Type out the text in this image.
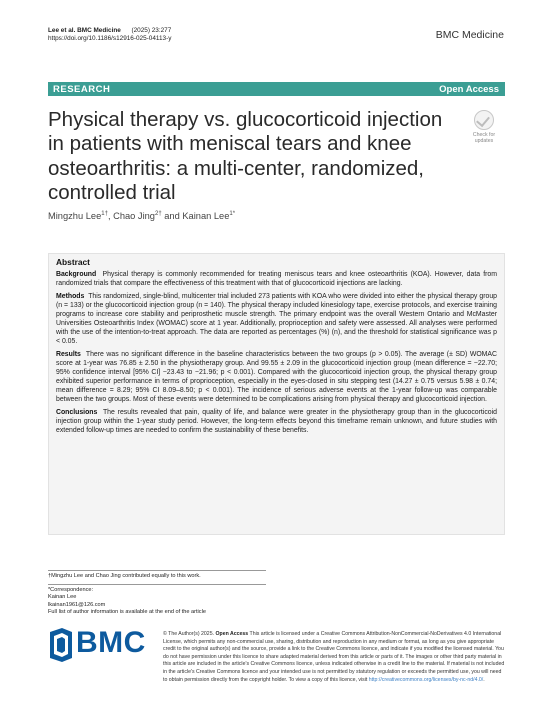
Lee et al. BMC Medicine (2025) 23:277
https://doi.org/10.1186/s12916-025-04113-y	BMC Medicine
RESEARCH	Open Access
Physical therapy vs. glucocorticoid injection in patients with meniscal tears and knee osteoarthritis: a multi-center, randomized, controlled trial
Check for
updates
Mingzhu Lee$^{1\dagger}$, Chao Jing$^{2\dagger}$ and Kainan Lee$^{1*}$
Abstract

Background Physical therapy is commonly recommended for treating meniscus tears and knee osteoarthritis (KOA). However, data from randomized trials that compare the effectiveness of this treatment with that of glucocorticoid injections are lacking.

Methods This randomized, single-blind, multicenter trial included 273 patients with KOA who were divided into either the physical therapy group (n = 133) or the glucocorticoid injection group (n = 140). The physical therapy included kinesiology tape, exercise protocols, and exercise training programs to increase core stability and periprosthetic muscle strength. The primary endpoint was the overall Western Ontario and McMaster Universities Osteoarthritis Index (WOMAC) score at 1 year. Additionally, proprioception and safety were assessed. All analyses were performed with the use of the intention-to-treat approach. The data are reported as percentages (%) (n), and the threshold for statistical significance was p < 0.05.

Results There was no significant difference in the baseline characteristics between the two groups (p > 0.05). The average (± SD) WOMAC score at 1-year was 76.85 ± 2.50 in the physiotherapy group. And 99.55 ± 2.09 in the glucocorticoid injection group (mean difference = −22.70; 95% confidence interval [95% CI] −23.43 to −21.96; p < 0.001). Compared with the glucocorticoid injection group, the physical therapy group exhibited superior performance in terms of proprioception, especially in the eyes-closed in situ stepping test (14.27 ± 0.75 versus 5.98 ± 0.74; mean difference = 8.29; 95% CI 8.09–8.50; p < 0.001). The incidence of serious adverse events at the 1-year follow-up was comparable between the two groups. Most of these events were determined to be complications arising from physical therapy and glucocorticoid injection.

Conclusions The results revealed that pain, quality of life, and balance were greater in the physiotherapy group than in the glucocorticoid injection group within the 1-year study period. However, the long-term effects beyond this timeframe remain unknown, and future studies with extended follow-up times are needed to confirm the sustainability of these benefits.

†Mingzhu Lee and Chao Jing contributed equally to this work.
*Correspondence:
Kainan Lee
lkainan1961@126.com
Full list of author information is available at the end of the article
BMC	© The Author(s) 2025. Open Access This article is licensed under a Creative Commons Attribution-NonCommercial-NoDerivatives 4.0 International License, which permits any non-commercial use, sharing, distribution and reproduction in any medium or format, as long as you give appropriate credit to the original author(s) and the source, provide a link to the Creative Commons licence, and indicate if you modified the licensed material. You do not have permission under this licence to share adapted material derived from this article or parts of it. The images or other third party material in this article are included in the article's Creative Commons licence, unless indicated otherwise in a credit line to the material. If material is not included in the article's Creative Commons licence and your intended use is not permitted by statutory regulation or exceeds the permitted use, you will need to obtain permission directly from the copyright holder. To view a copy of this licence, visit http://creativecommons.org/licenses/by-nc-nd/4.0/.
